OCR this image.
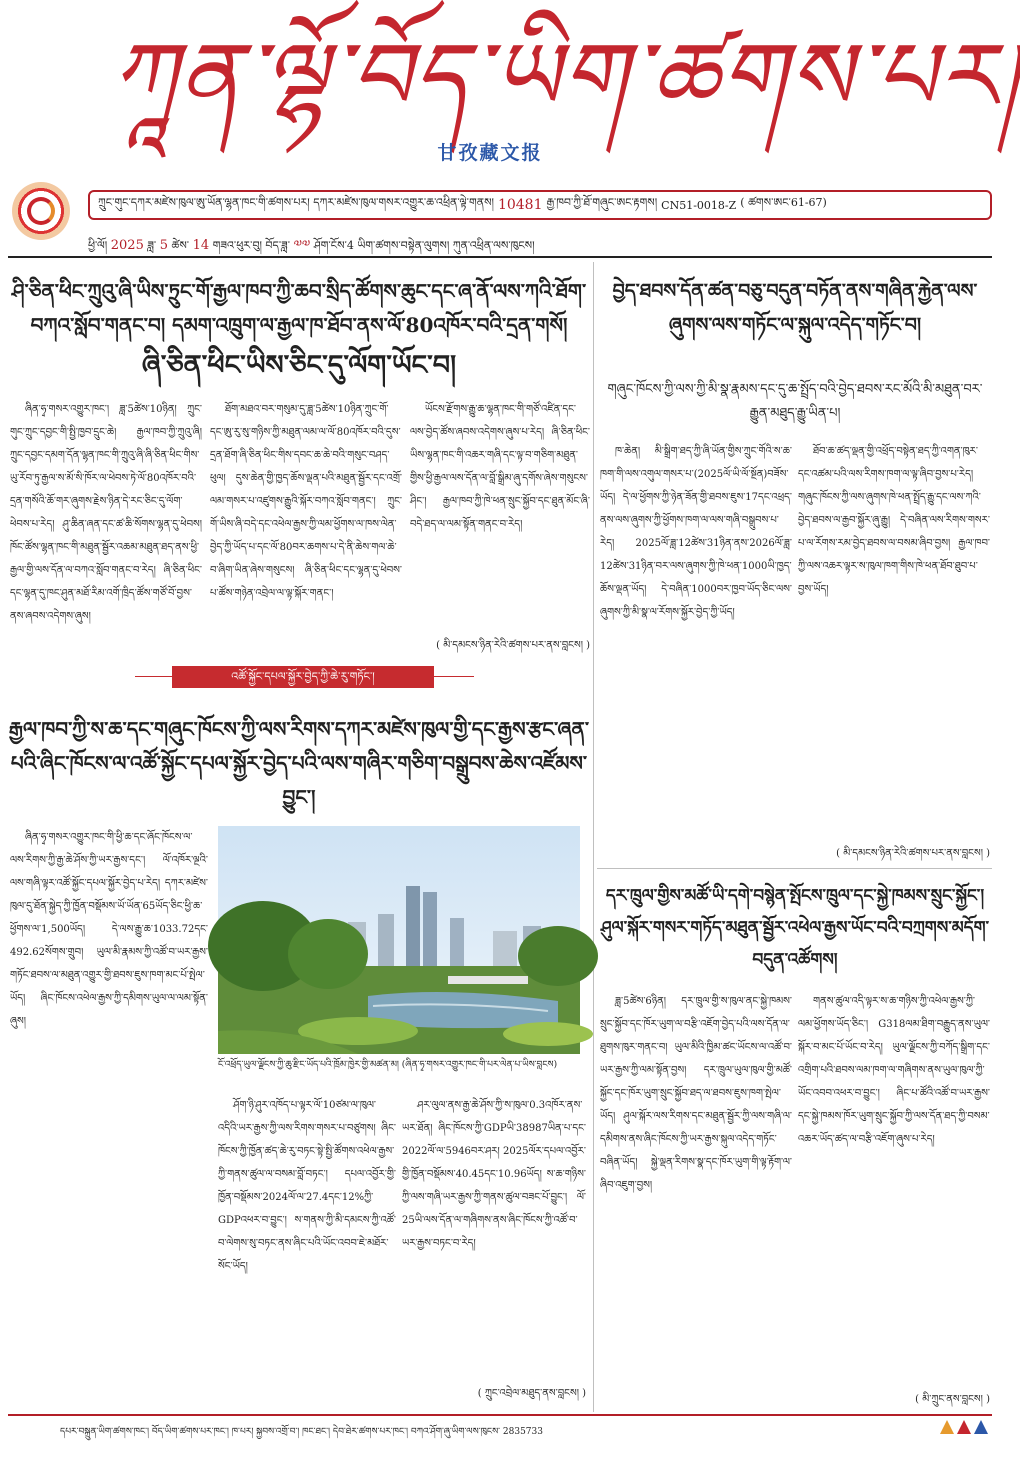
ཀཱན་ལྷོ་བོད་ཡིག་ཚགས་པར།
甘孜藏文报
ཀྲུང་གུང་དཀར་མཛེས་ཁུལ་ཨུ་ཡོན་ལྷན་ཁང་གི་ཚགས་པར། དཀར་མཛེས་ཁུལ་གསར་འགྱུར་ཆ་འཕྲིན་ལྟེ་གནས། 10481 རྒྱ་ཁབ་ཀྱི་ཐོ་གཞུང་ཨང་རྟགས། CN51-0018-Z ( ཚགས་ཨང་61-67)
ཕྱི་ལོ། 2025 ཟླ་ 5 ཚེས་ 14 གཟའ་ཕུར་བུ། བོད་ཟླ་ ༧༧ ཤོག་ངོས་4 ཡིག་ཚགས་བསྟེན་ལུགས། ཀུན་འཕྲིན་ལས་ཁུངས།
ཤི་ཅིན་ཕིང་ཀྲུའུ་ཞི་ཡིས་ཏྲུང་གོ་རྒྱལ་ཁབ་ཀྱི་ཆབ་སྲིད་ཚོགས་ཆུང་དང་ཞ་ནོ་ལས་ཀའི་ཐོག་བཀའ་སློབ་གནང་བ། དམག་འཁྲུག་ལ་རྒྱལ་ཁ་ཐོབ་ནས་ལོ་80འཁོར་བའི་དྲན་གསོ།
ཞི་ཅིན་ཕིང་ཡིས་ཅིང་དུ་ལོག་ཡོང་བ།

ཞིན་ཧྭ་གསར་འགྱུར་ཁང་། ཟླ་5ཚེས་10ཉིན། ཀྲུང་གུང་ཀྲུང་དབྱང་གི་སྤྱི་ཁྱབ་དྲུང་ཆེ། རྒྱལ་ཁབ་ཀྱི་ཀྲུའུ་ཞི། ཀྲུང་དབྱང་དམག་དོན་ལྷན་ཁང་གི་ཀྲུའུ་ཞི་ཞི་ཅིན་ཕིང་གིས་ཡུ་རོབ་ཏུ་རྒྱལ་ས་མོ་སི་ཁོར་ལ་ཕེབས་ཏེ་ལོ་80འཁོར་བའི་དྲན་གསོའི་ཆོ་གར་ཞུགས་རྗེས་ཉིན་དེ་རང་ཅིང་དུ་ལོག་ཕེབས་པ་རེད། ཤུ་ཆིན་ཞན་དང་ཚ་ཆི་སོགས་ལྷན་དུ་ཕེབས། ཁོང་ཚོས་ལྷན་ཁང་གི་མཐུན་སྦྱོར་འཆམ་མཐུན་ཐད་ནས་ཕྱི་རྒྱལ་གྱི་ལས་དོན་ལ་བཀའ་སློབ་གནང་བ་རེད། ཞི་ཅིན་ཕིང་དང་ལྷན་དུ་ཁང་ཤུན་མཐོ་རིམ་འགོ་ཁྲིད་ཚོས་གཙོ་བོ་བྱས་ནས་ཞབས་འདེགས་ཞུས།

ཐོག་མཐའ་བར་གསུམ་དུ་ཟླ་5ཚེས་10ཉིན་ཀྲུང་གོ་དང་ཨུ་རུ་སུ་གཉིས་ཀྱི་མཐུན་ལམ་ལ་ལོ་80འཁོར་བའི་དུས་དྲན་ཐོག་ཞི་ཅིན་ཕིང་གིས་དབང་ཆ་ཆེ་བའི་གསུང་བཤད་ཕུལ། དུས་ཆེན་གྱི་ཁྱད་ཆོས་ལྡན་པའི་མཐུན་སྦྱོར་དང་འགྲོ་ལམ་གསར་པ་འཛུགས་རྒྱུའི་སྐོར་བཀའ་སློབ་གནང་། ཀྲུང་གོ་ཡིས་ཞི་བདེ་དང་འཕེལ་རྒྱས་ཀྱི་ལམ་ཕྱོགས་ལ་ཁས་ལེན་བྱེད་ཀྱི་ཡོད་པ་དང་ལོ་80བར་ཆགས་པ་དེ་ནི་ཆེས་གལ་ཆེ་བ་ཞིག་ཡིན་ཞེས་གསུངས། ཞི་ཅིན་ཕིང་དང་ལྷན་དུ་ཕེབས་པ་ཚོས་གཉེན་འབྲེལ་ལ་ལྟ་སྐོར་གནང་།

ཡོངས་རྫོགས་རྒྱུ་ཆ་ལྷན་ཁང་གི་གཙོ་འཛིན་དང་ལས་བྱེད་ཚོས་ཞབས་འདེགས་ཞུས་པ་རེད། ཞི་ཅིན་ཕིང་ཡིས་ལྷན་ཁང་གི་འཆར་གཞི་དང་ལྟ་བ་གཅིག་མཐུན་གྱིས་ཕྱི་རྒྱལ་ལས་དོན་ལ་བློ་སྒྲིམ་ཞུ་དགོས་ཞེས་གསུངས་ཤིང་། རྒྱལ་ཁབ་ཀྱི་ཁེ་ཕན་སྲུང་སྐྱོབ་དང་ཐུན་མོང་ཞི་བདེ་ཐད་ལ་ལམ་སྟོན་གནང་བ་རེད།

( མི་དམངས་ཉིན་རེའི་ཚགས་པར་ནས་བླངས། )
འཚོ་སྐྱོང་དཔལ་སྐྱོར་བྱེད་ཀྱི་ཆེ་རུ་གཏོང་།
རྒྱལ་ཁབ་ཀྱི་ས་ཆ་དང་གཞུང་ཁོངས་ཀྱི་ལས་རིགས་དཀར་མཛེས་ཁུལ་གྱི་དང་རྒྱས་རྩང་ཞན་པའི་ཞིང་ཁོངས་ལ་འཚོ་སྐྱོང་དཔལ་སྐྱོར་བྱེད་པའི་ལས་གཞིར་གཅིག་བསྒྲུབས་ཆེས་འཛོམས་བྱུང་།

ཞིན་ཧྭ་གསར་འགྱུར་ཁང་གི་ཕྱི་ཆ་དང་ཞོང་ཁོངས་ལ་ལས་རིགས་ཀྱི་རྒྱ་ཆེ་ཤོས་ཀྱི་ཡར་རྒྱས་དང་། ལོ་འཁོར་ལྔའི་ལས་གཞི་ལྟར་འཚོ་སྐྱོང་དཔལ་སྐྱོར་བྱེད་པ་རེད། དཀར་མཛེས་ཁུལ་དུ་ཐོན་སྐྱེད་ཀྱི་ཁྱོན་བསྡོམས་ཡོ་ཡོན་65ཡོད་ཅིང་ཕྱི་ཆ་ཕྱོགས་ལ་1,500ཡོད། དེ་ལས་རྒྱུ་ཆ་1033.72དང་492.62སོགས་གྲུབ། ཡུལ་མི་རྣམས་ཀྱི་འཚོ་བ་ཡར་རྒྱས་གཏོང་ཐབས་ལ་མཐུན་འགྱུར་གྱི་ཐབས་ཇུས་ཁག་མང་པོ་སྤེལ་ཡོད། ཞིང་ཁོངས་འཕེལ་རྒྱས་ཀྱི་དམིགས་ཡུལ་ལ་ལམ་སྟོན་ཞུས།

ངོ་འཕྲོད་ཡུལ་ལྗོངས་ཀྱི་ཆུ་རྫིང་ཡོད་པའི་ཁྲོམ་ཁྱེར་གྱི་མཚན་མ། (ཞིན་ཧྭ་གསར་འགྱུར་ཁང་གི་པར་ལེན་པ་ཡིས་བླངས)

ཤོག་ཉི་ཤུར་འཁོད་པ་ལྟར་ལོ་10ཙམ་ལ་ཁུལ་འདིའི་ཡར་རྒྱས་ཀྱི་ལས་རིགས་གསར་པ་བཙུགས། ཞིང་ཁོངས་ཀྱི་ཁྱོན་ཚད་ཆེ་རུ་བཏང་སྟེ་སྤྱི་ཚོགས་འཕེལ་རྒྱས་ཀྱི་གནས་ཚུལ་ལ་བསམ་བློ་བཏང་། དཔལ་འབྱོར་གྱི་ཁྱོན་བསྡོམས་2024ལོ་ལ་27.4དང་12%ཀྱི་GDPའཕར་བ་བྱུང་། ས་གནས་ཀྱི་མི་དམངས་ཀྱི་འཚོ་བ་ལེགས་སུ་བཏང་ནས་ཞིང་པའི་ཡོང་འབབ་ཇེ་མཐོར་སོང་ཡོད།

ཤར་ལུལ་ནས་རྒྱ་ཆེ་ཤོས་ཀྱི་ས་ཁུལ་0.3འཁོར་ནས་ཡར་ཐོན། ཞིང་ཁོངས་ཀྱི་GDPཡི་38987ཡིན་པ་དང་2022ལོ་ལ་5946བར་ཤར། 2025ལོར་དཔལ་འབྱོར་གྱི་ཁྱོན་བསྡོམས་40.45དང་10.96ཡོད། ས་ཆ་གཉིས་ཀྱི་ལས་གཞི་ཡར་རྒྱས་ཀྱི་གནས་ཚུལ་བཟང་པོ་བྱུང་། ལོ་25ཡི་ལས་དོན་ལ་གཞིགས་ནས་ཞིང་ཁོངས་ཀྱི་འཚོ་བ་ཡར་རྒྱས་བཏང་བ་རེད།

( ཀྲུང་འབྲེལ་མཐུད་ནས་བླངས། )
བྱེད་ཐབས་དོན་ཚན་བཅུ་བདུན་བཏོན་ནས་གཞིན་རྐྱེན་ལས་ཞུགས་ལས་གཏོང་ལ་སྐུལ་འདེད་གཏོང་བ།
གཞུང་ཁོངས་ཀྱི་ལས་ཀྱི་མི་སྣ་རྣམས་དང་དུ་ཆ་སྤྲོད་བའི་བྱེད་ཐབས་རང་མོའི་མི་མཐུན་བར་རྒྱུན་མཐུད་རྒྱུ་ཡིན་པ།

ཁ་ཆེན། མི་སྒྲིག་ཐད་ཀྱི་ཞི་ཡོན་གྱིས་ཀྲུང་གོའི་ས་ཆ་ཁག་གི་ལས་འགུལ་གསར་པ་(2025ལོ་ཡི་ལོ་སྔོན)བཟོས་ཡོད། དེ་ལ་ཕྱོགས་ཀྱི་ཉེན་ཟོན་གྱི་ཐབས་ཇུས་17དང་འཕྲད་ནས་ལས་ཞུགས་ཀྱི་ཕྱོགས་ཁག་ལ་ལས་གཞི་བསྒྲུབས་པ་རེད། 2025ལོ་ཟླ་12ཚེས་31ཉིན་ནས་2026ལོ་ཟླ་12ཚེས་31ཉིན་བར་ལས་ཞུགས་ཀྱི་ཁེ་ཕན་1000ཡི་ཁྱད་ཆོས་ལྡན་ཡོད། དེ་བཞིན་1000བར་ཁྱབ་ཡོད་ཅིང་ལས་ཞུགས་ཀྱི་མི་སྣ་ལ་རོགས་སྐྱོར་བྱེད་ཀྱི་ཡོད།

ཐོབ་ཆ་ཚད་ལྡན་གྱི་འཕྲོད་བསྟེན་ཐད་ཀྱི་འགན་ཁུར་དང་འཚམ་པའི་ལས་རིགས་ཁག་ལ་ལྟ་ཞིབ་བྱས་པ་རེད། གཞུང་ཁོངས་ཀྱི་ལས་ཞུགས་ཁེ་ཕན་སྤྲོད་རྒྱུ་དང་ལས་ཀའི་བྱེད་ཐབས་ལ་རྒྱབ་སྐྱོར་ཞུ་རྒྱུ། དེ་བཞིན་ལས་རིགས་གསར་པ་ལ་རོགས་རམ་བྱེད་ཐབས་ལ་བསམ་ཞིབ་བྱས། རྒྱལ་ཁབ་ཀྱི་ལས་འཆར་ལྟར་ས་ཁུལ་ཁག་གིས་ཁེ་ཕན་ཐོབ་ཐུབ་པ་བྱས་ཡོད།

( མི་དམངས་ཉིན་རེའི་ཚགས་པར་ནས་བླངས། )
དར་ཁྲུལ་གྱིས་མཚོ་ཡི་དགེ་བསྙེན་སྤོངས་ཁྲུལ་དང་སྐྱེ་ཁམས་སྲུང་སྐྱོང་། ཤུལ་སྐོར་གསར་གཏོད་མཐུན་སྦྱོར་འཕེལ་རྒྱས་ཡོང་བའི་བཀྲགས་མདོག་བདུན་འཚོགས།

ཟླ་5ཚེས་6ཉིན། དར་ཁྲུལ་གྱི་ས་ཁུལ་ནང་སྐྱེ་ཁམས་སྲུང་སྐྱོབ་དང་ཁོར་ཡུག་ལ་བརྩི་འཇོག་བྱེད་པའི་ལས་དོན་ལ་ཐུགས་ཁུར་གནང་བ། ཡུལ་མིའི་ཁྱིམ་ཚང་ཡོངས་ལ་འཚོ་བ་ཡར་རྒྱས་ཀྱི་ལམ་སྟོན་བྱས། དར་ཁྲུལ་ཡུལ་ཁུལ་གྱི་མཚོ་སྐྱོང་དང་ཁོར་ཡུག་སྲུང་སྐྱོབ་ཐད་ལ་ཐབས་ཇུས་ཁག་སྤེལ་ཡོད། ཤུལ་སྐོར་ལས་རིགས་དང་མཐུན་སྦྱོར་ཀྱི་ལས་གཞི་ལ་དམིགས་ནས་ཞིང་ཁོངས་ཀྱི་ཡར་རྒྱས་སྐུལ་འདེད་གཏོང་བཞིན་ཡོད། སྐྱེ་ལྡན་རིགས་སྣ་དང་ཁོར་ཡུག་གི་ལྟ་རྟོག་ལ་ཞིབ་འཇུག་བྱས།

གནས་ཚུལ་འདི་ལྟར་ས་ཆ་གཉིས་ཀྱི་འཕེལ་རྒྱས་ཀྱི་ལམ་ཕྱོགས་ཡོད་ཅིང་། G318ལམ་ཐིག་བརྒྱུད་ནས་ཡུལ་སྐོར་བ་མང་པོ་ཡོང་བ་རེད། ཡུལ་ལྗོངས་ཀྱི་བཀོད་སྒྲིག་དང་འགྲིག་པའི་ཐབས་ལམ་ཁག་ལ་གཞིགས་ནས་ཡུལ་ཁུལ་ཀྱི་ཡོང་འབབ་འཕར་བ་བྱུང་། ཞིང་པ་ཚོའི་འཚོ་བ་ཡར་རྒྱས་དང་སྐྱེ་ཁམས་ཁོར་ཡུག་སྲུང་སྐྱོབ་ཀྱི་ལས་དོན་ཐད་ཀྱི་བསམ་འཆར་ཡོད་ཚད་ལ་བརྩི་འཇོག་ཞུས་པ་རེད།

( མི་ཀྲུང་ནས་བླངས། )
དཔར་བསྐྲུན་ཡིག་ཚགས་ཁང་། བོད་ཡིག་ཚགས་པར་ཁང་། ཁ་པར། སྐྱབས་འགྲོ་བ་། ཁང་ཐང་། དེབ་ཐེར་ཚགས་པར་ཁང་། བཀའ་ཤོག་ཞུ་ཡིག་ལས་ཁུངས་ 2835733
